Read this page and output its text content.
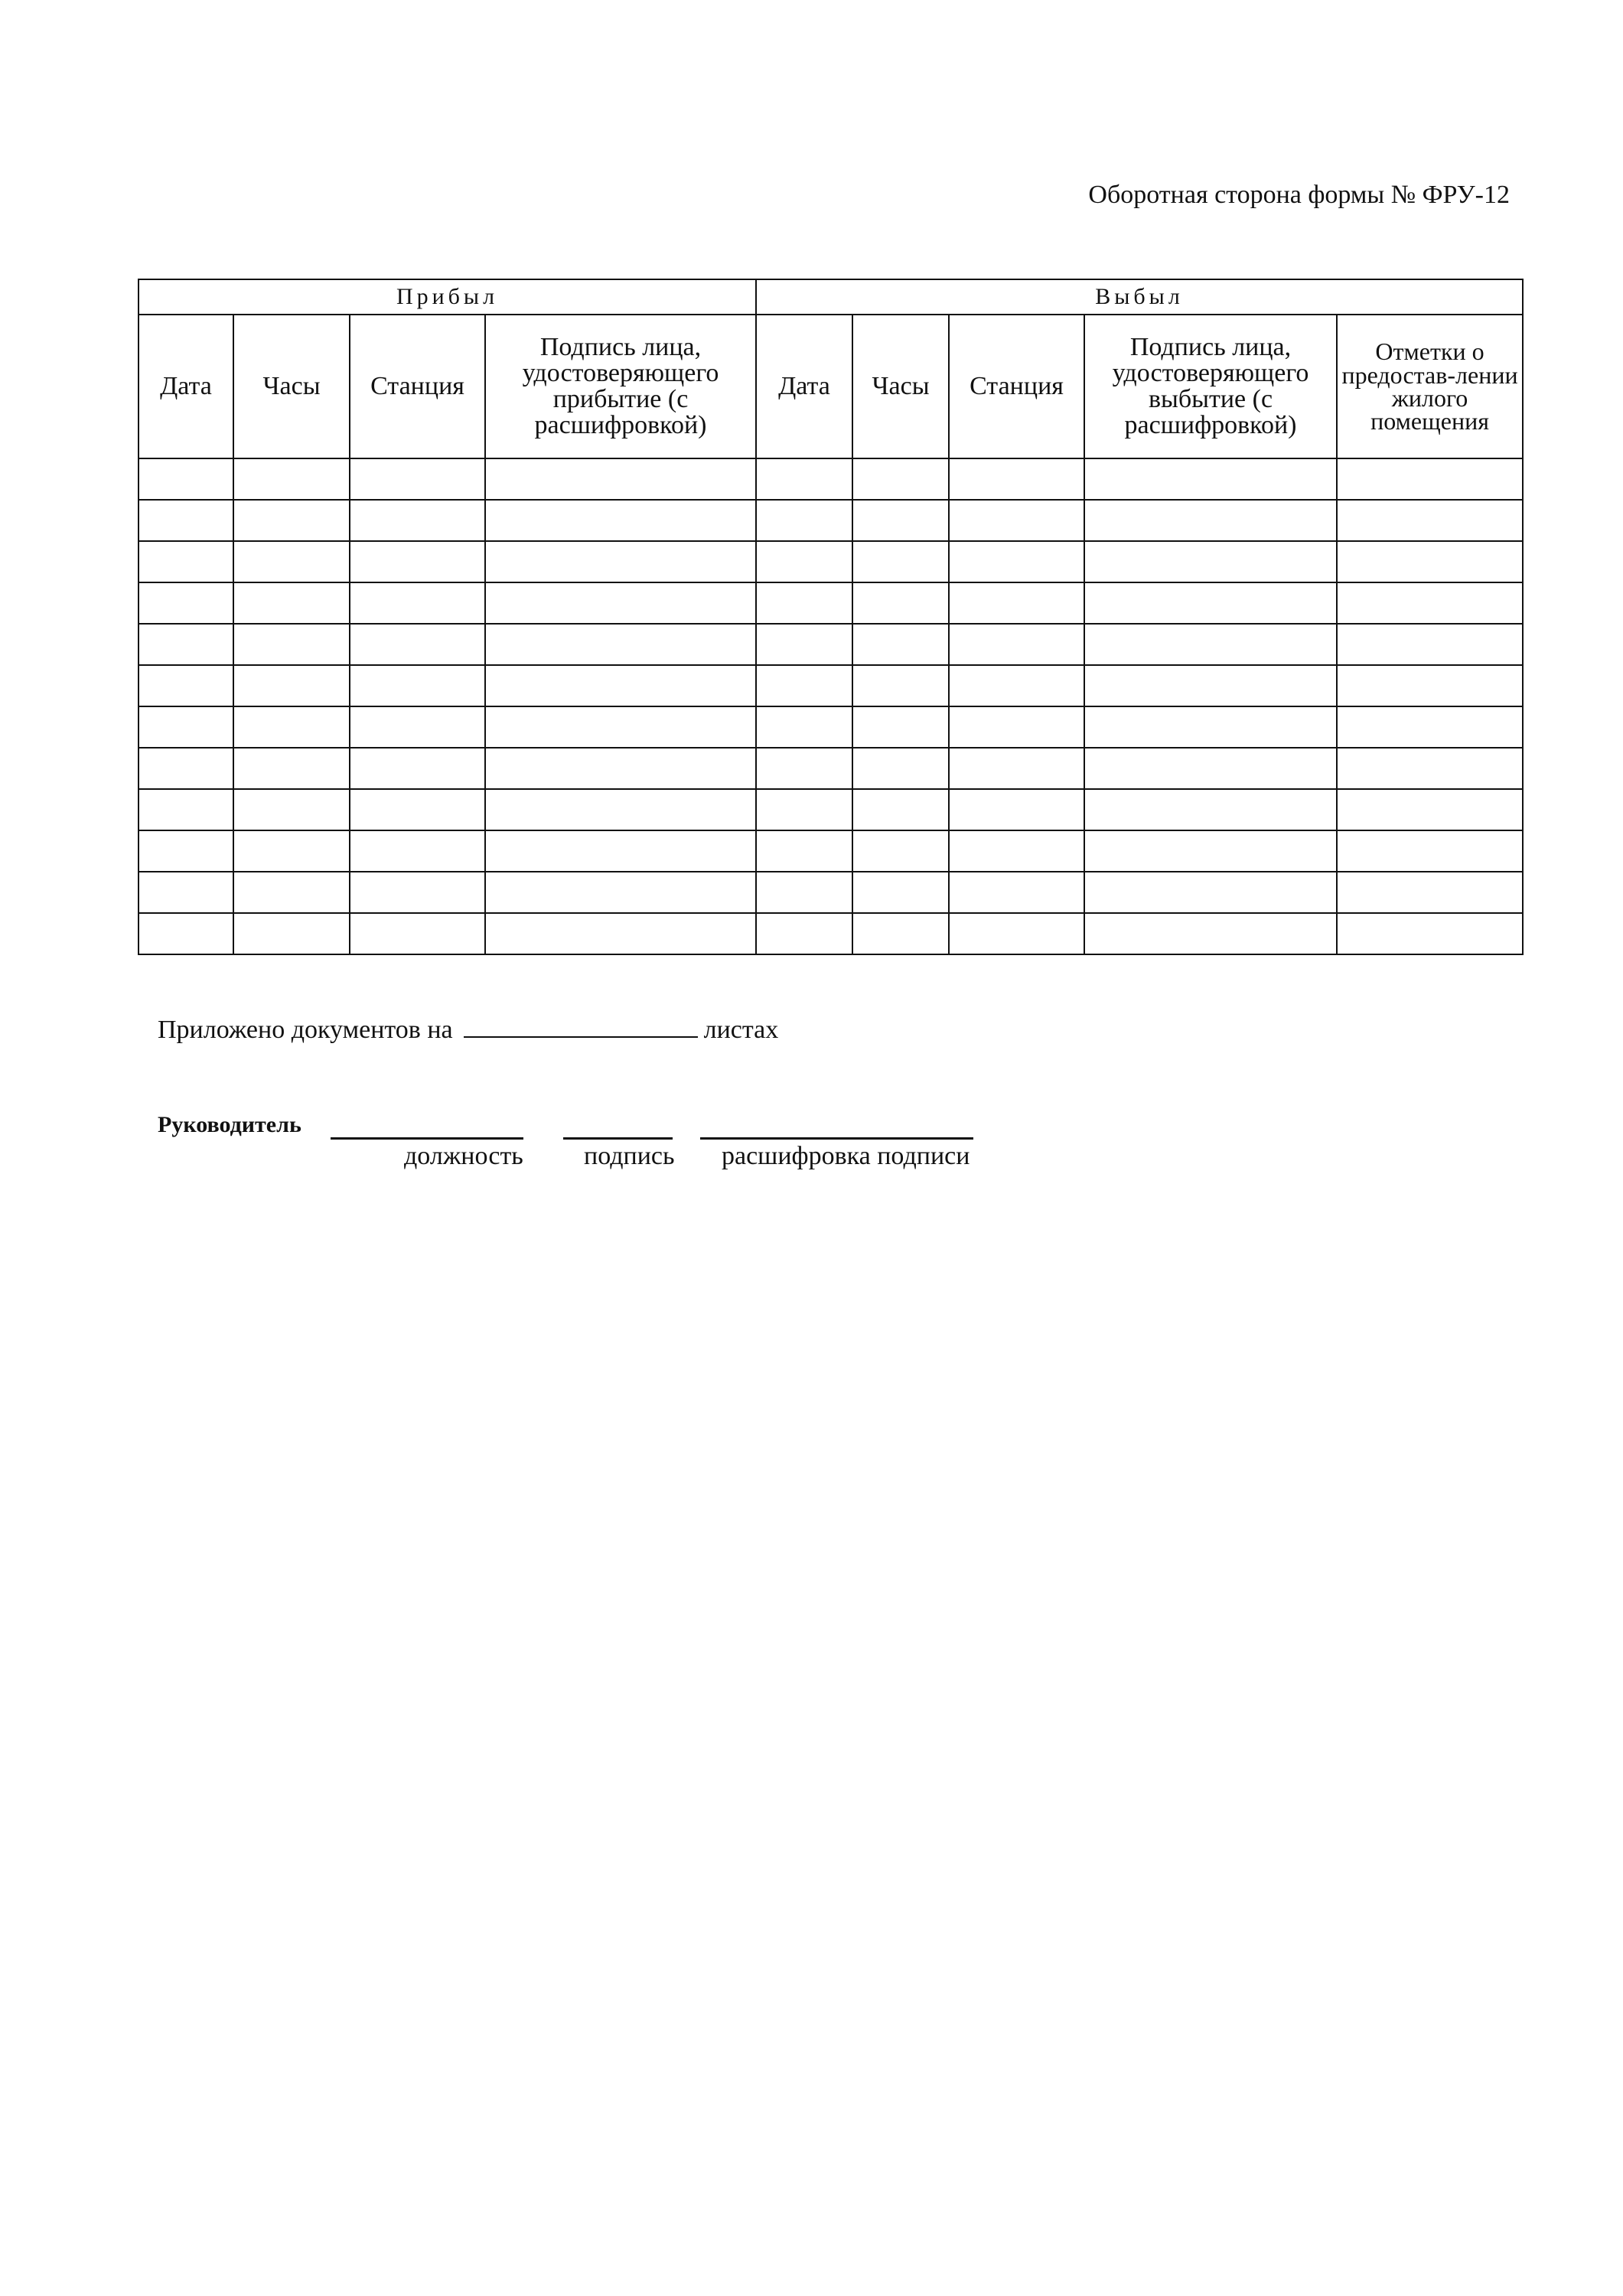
Оборотная сторона формы № ФРУ-12
Прибыл				Выбыл				
Дата	Часы	Станция	Подпись лица, удостоверяющего прибытие (с расшифровкой)	Дата	Часы	Станция	Подпись лица, удостоверяющего выбытие (с расшифровкой)	Отметки о предостав-лении жилого помещения

Приложено документов на	листах
Руководитель
должность подпись расшифровка подписи
